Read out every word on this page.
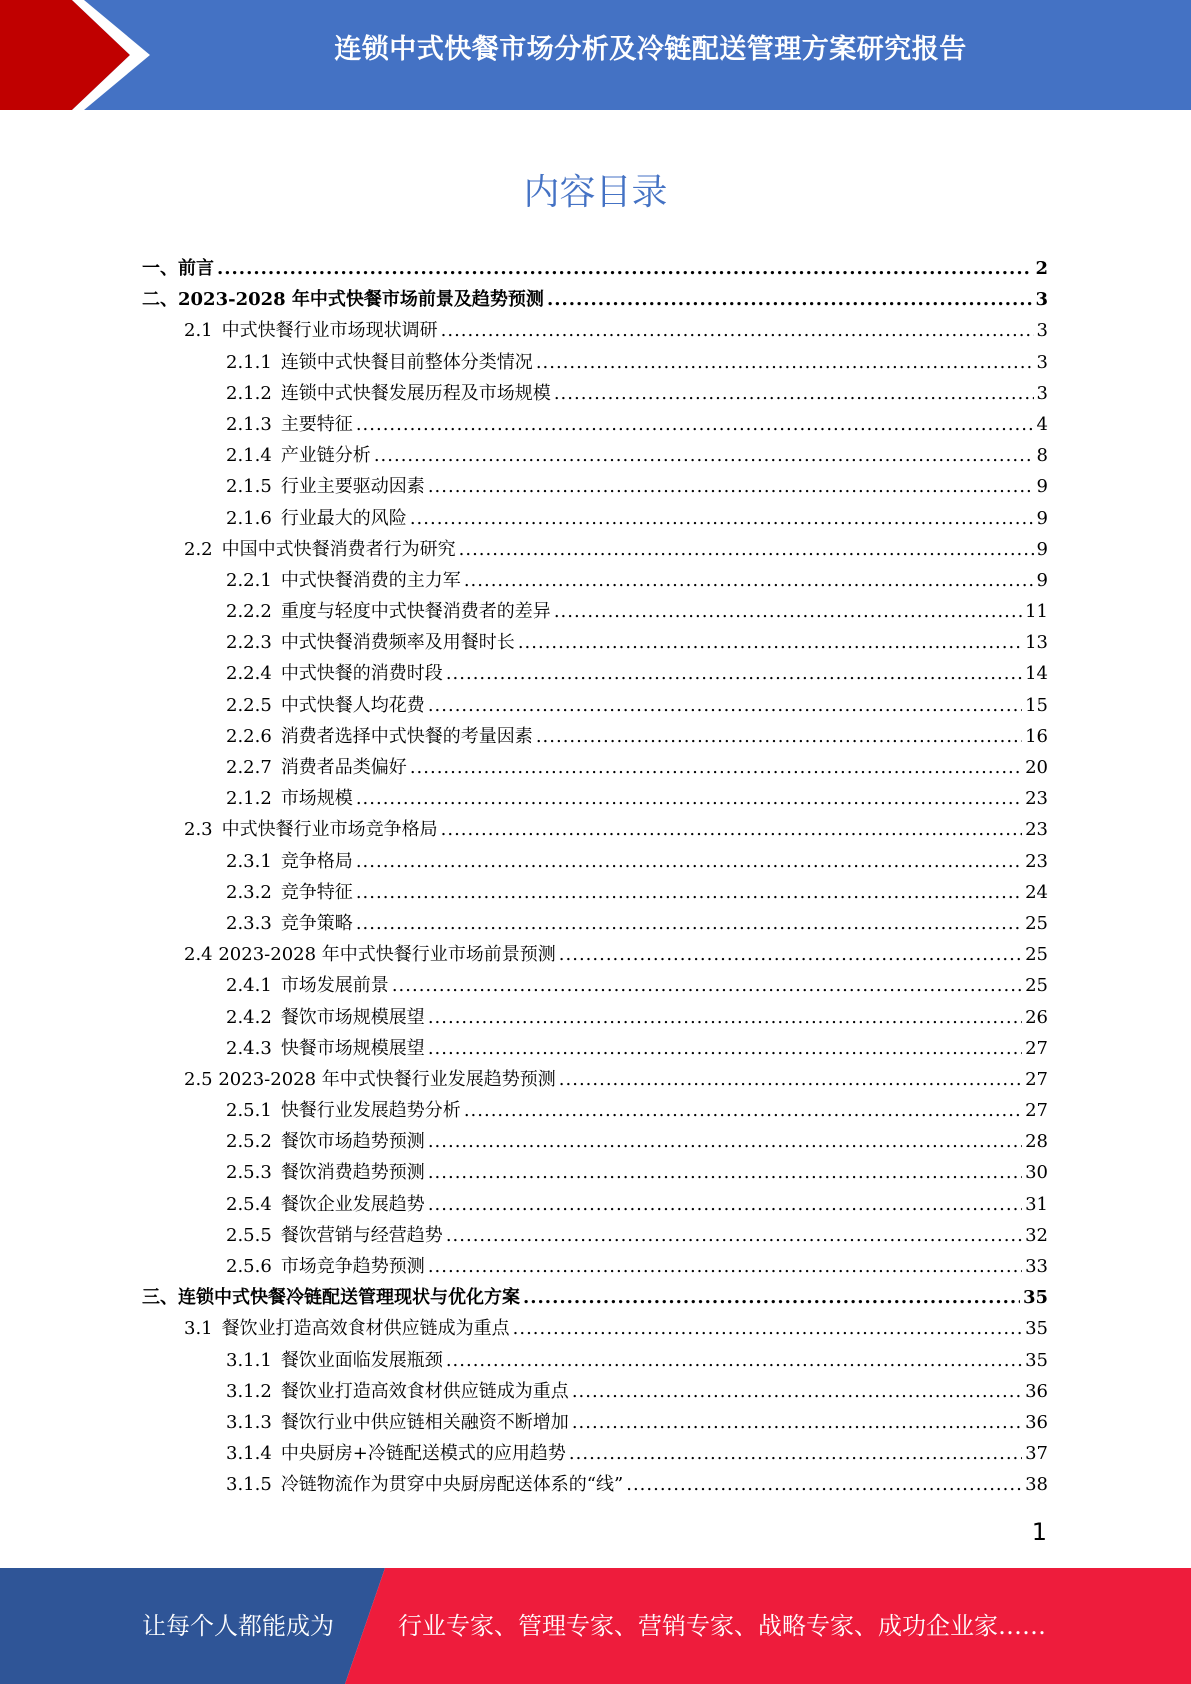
连锁中式快餐市场分析及冷链配送管理方案研究报告
内容目录
一、 前言 .....	2
二、 2023-2028 年中式快餐市场前景及趋势预测 .....	3
2.1 中式快餐行业市场现状调研 .....	3
2.1.1 连锁中式快餐目前整体分类情况 .....	3
2.1.2 连锁中式快餐发展历程及市场规模 .....	3
2.1.3 主要特征 .....	4
2.1.4 产业链分析 .....	8
2.1.5 行业主要驱动因素 .....	9
2.1.6 行业最大的风险 .....	9
2.2 中国中式快餐消费者行为研究 .....	9
2.2.1 中式快餐消费的主力军 .....	9
2.2.2 重度与轻度中式快餐消费者的差异 .....	11
2.2.3 中式快餐消费频率及用餐时长 .....	13
2.2.4 中式快餐的消费时段 .....	14
2.2.5 中式快餐人均花费 .....	15
2.2.6 消费者选择中式快餐的考量因素 .....	16
2.2.7 消费者品类偏好 .....	20
2.1.2 市场规模 .....	23
2.3 中式快餐行业市场竞争格局 .....	23
2.3.1 竞争格局 .....	23
2.3.2 竞争特征 .....	24
2.3.3 竞争策略 .....	25
2.4 2023-2028 年中式快餐行业市场前景预测 .....	25
2.4.1 市场发展前景 .....	25
2.4.2 餐饮市场规模展望 .....	26
2.4.3 快餐市场规模展望 .....	27
2.5 2023-2028 年中式快餐行业发展趋势预测 .....	27
2.5.1 快餐行业发展趋势分析 .....	27
2.5.2 餐饮市场趋势预测 .....	28
2.5.3 餐饮消费趋势预测 .....	30
2.5.4 餐饮企业发展趋势 .....	31
2.5.5 餐饮营销与经营趋势 .....	32
2.5.6 市场竞争趋势预测 .....	33
三、 连锁中式快餐冷链配送管理现状与优化方案 .....	35
3.1 餐饮业打造高效食材供应链成为重点 .....	35
3.1.1 餐饮业面临发展瓶颈 .....	35
3.1.2 餐饮业打造高效食材供应链成为重点 .....	36
3.1.3 餐饮行业中供应链相关融资不断增加 .....	36
3.1.4 中央厨房+冷链配送模式的应用趋势 .....	37
3.1.5 冷链物流作为贯穿中央厨房配送体系的“线” .....	38
1
让每个人都能成为	行业专家、管理专家、营销专家、战略专家、成功企业家……
